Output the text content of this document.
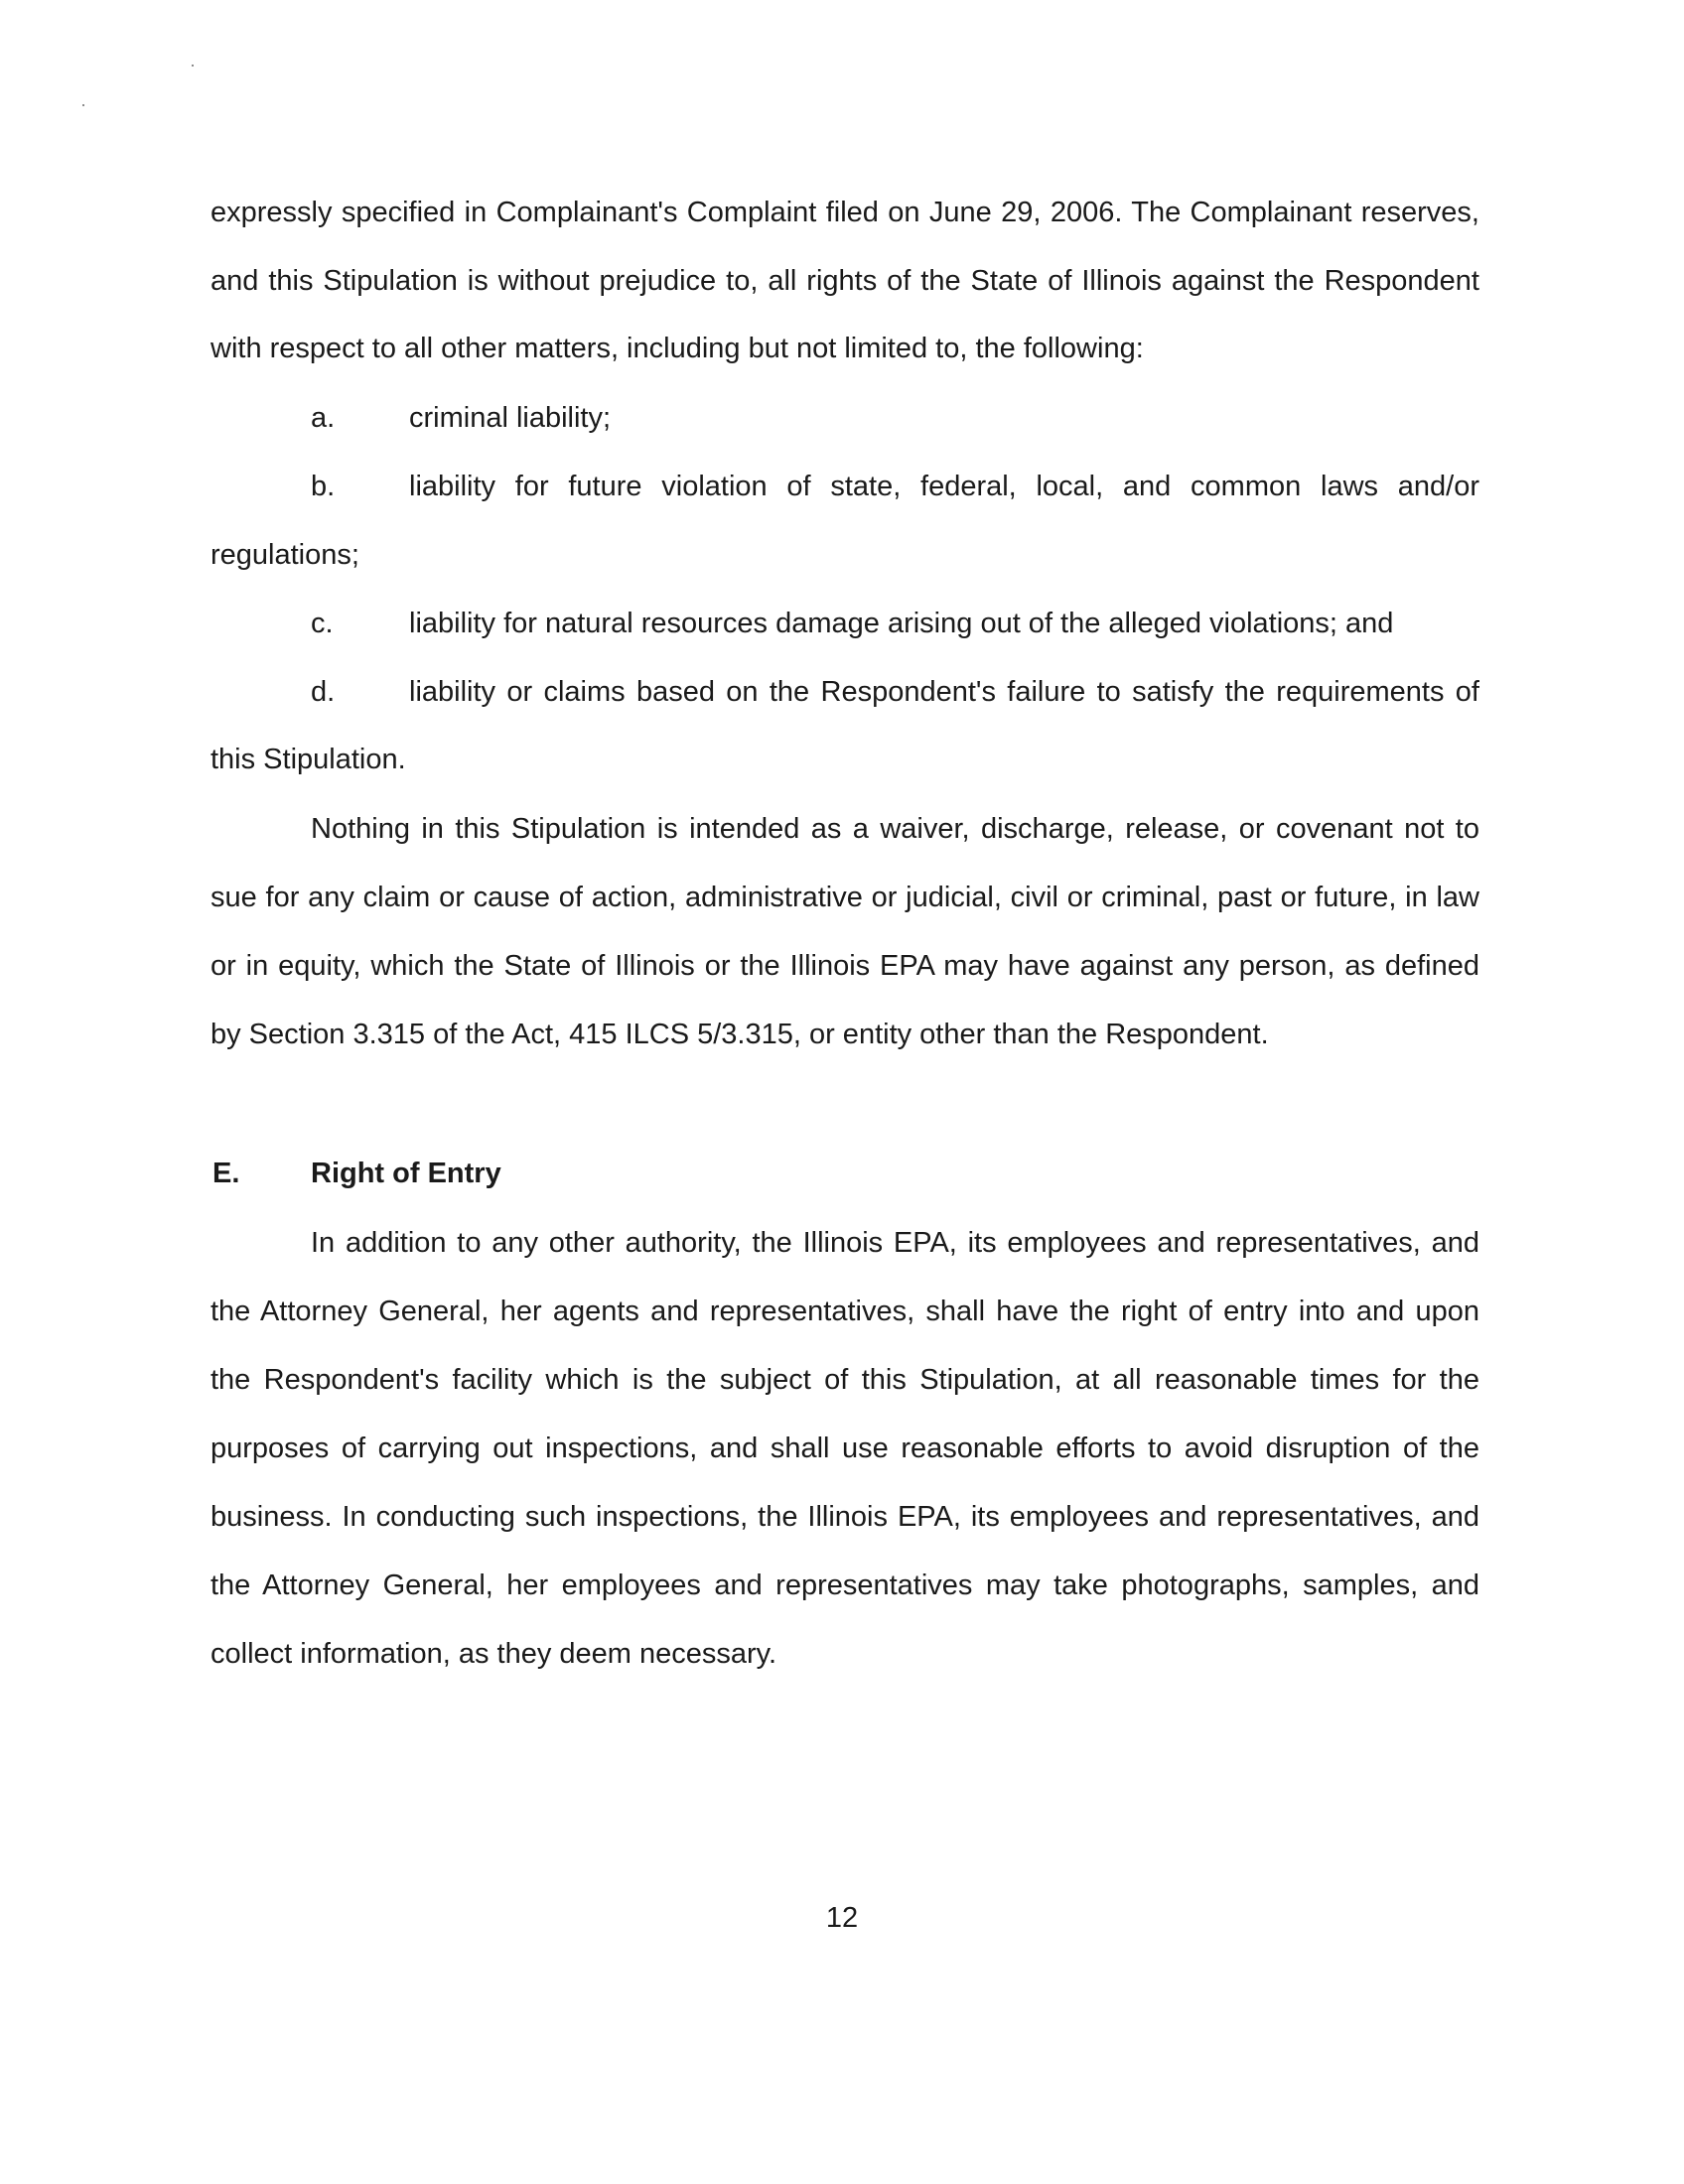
expressly specified in Complainant's Complaint filed on June 29, 2006. The Complainant reserves,
and this Stipulation is without prejudice to, all rights of the State of Illinois against the Respondent
with respect to all other matters, including but not limited to, the following:
a.	criminal liability;
b.	liability for future violation of state, federal, local, and common laws and/or
regulations;
c.	liability for natural resources damage arising out of the alleged violations; and
d.	liability or claims based on the Respondent's failure to satisfy the requirements of
this Stipulation.
Nothing in this Stipulation is intended as a waiver, discharge, release, or covenant not to
sue for any claim or cause of action, administrative or judicial, civil or criminal, past or future, in law
or in equity, which the State of Illinois or the Illinois EPA may have against any person, as defined
by Section 3.315 of the Act, 415 ILCS 5/3.315, or entity other than the Respondent.
E. Right of Entry
In addition to any other authority, the Illinois EPA, its employees and representatives, and
the Attorney General, her agents and representatives, shall have the right of entry into and upon
the Respondent's facility which is the subject of this Stipulation, at all reasonable times for the
purposes of carrying out inspections, and shall use reasonable efforts to avoid disruption of the
business. In conducting such inspections, the Illinois EPA, its employees and representatives, and
the Attorney General, her employees and representatives may take photographs, samples, and
collect information, as they deem necessary.
12
